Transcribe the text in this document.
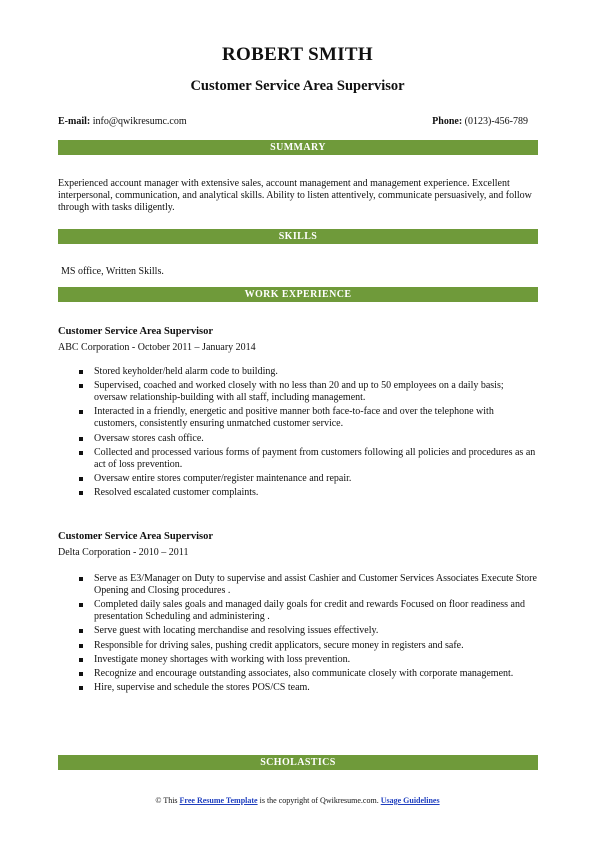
ROBERT SMITH
Customer Service Area Supervisor
E-mail: info@qwikresumc.com	Phone: (0123)-456-789
SUMMARY
Experienced account manager with extensive sales, account management and management experience. Excellent interpersonal, communication, and analytical skills. Ability to listen attentively, communicate persuasively, and follow through with tasks diligently.
SKILLS
MS office, Written Skills.
WORK EXPERIENCE
Customer Service Area Supervisor
ABC Corporation - October 2011 – January 2014
Stored keyholder/held alarm code to building.
Supervised, coached and worked closely with no less than 20 and up to 50 employees on a daily basis; oversaw relationship-building with all staff, including management.
Interacted in a friendly, energetic and positive manner both face-to-face and over the telephone with customers, consistently ensuring unmatched customer service.
Oversaw stores cash office.
Collected and processed various forms of payment from customers following all policies and procedures as an act of loss prevention.
Oversaw entire stores computer/register maintenance and repair.
Resolved escalated customer complaints.
Customer Service Area Supervisor
Delta Corporation - 2010 – 2011
Serve as E3/Manager on Duty to supervise and assist Cashier and Customer Services Associates Execute Store Opening and Closing procedures .
Completed daily sales goals and managed daily goals for credit and rewards Focused on floor readiness and presentation Scheduling and administering .
Serve guest with locating merchandise and resolving issues effectively.
Responsible for driving sales, pushing credit applicators, secure money in registers and safe.
Investigate money shortages with working with loss prevention.
Recognize and encourage outstanding associates, also communicate closely with corporate management.
Hire, supervise and schedule the stores POS/CS team.
SCHOLASTICS
© This Free Resume Template is the copyright of Qwikresume.com. Usage Guidelines
